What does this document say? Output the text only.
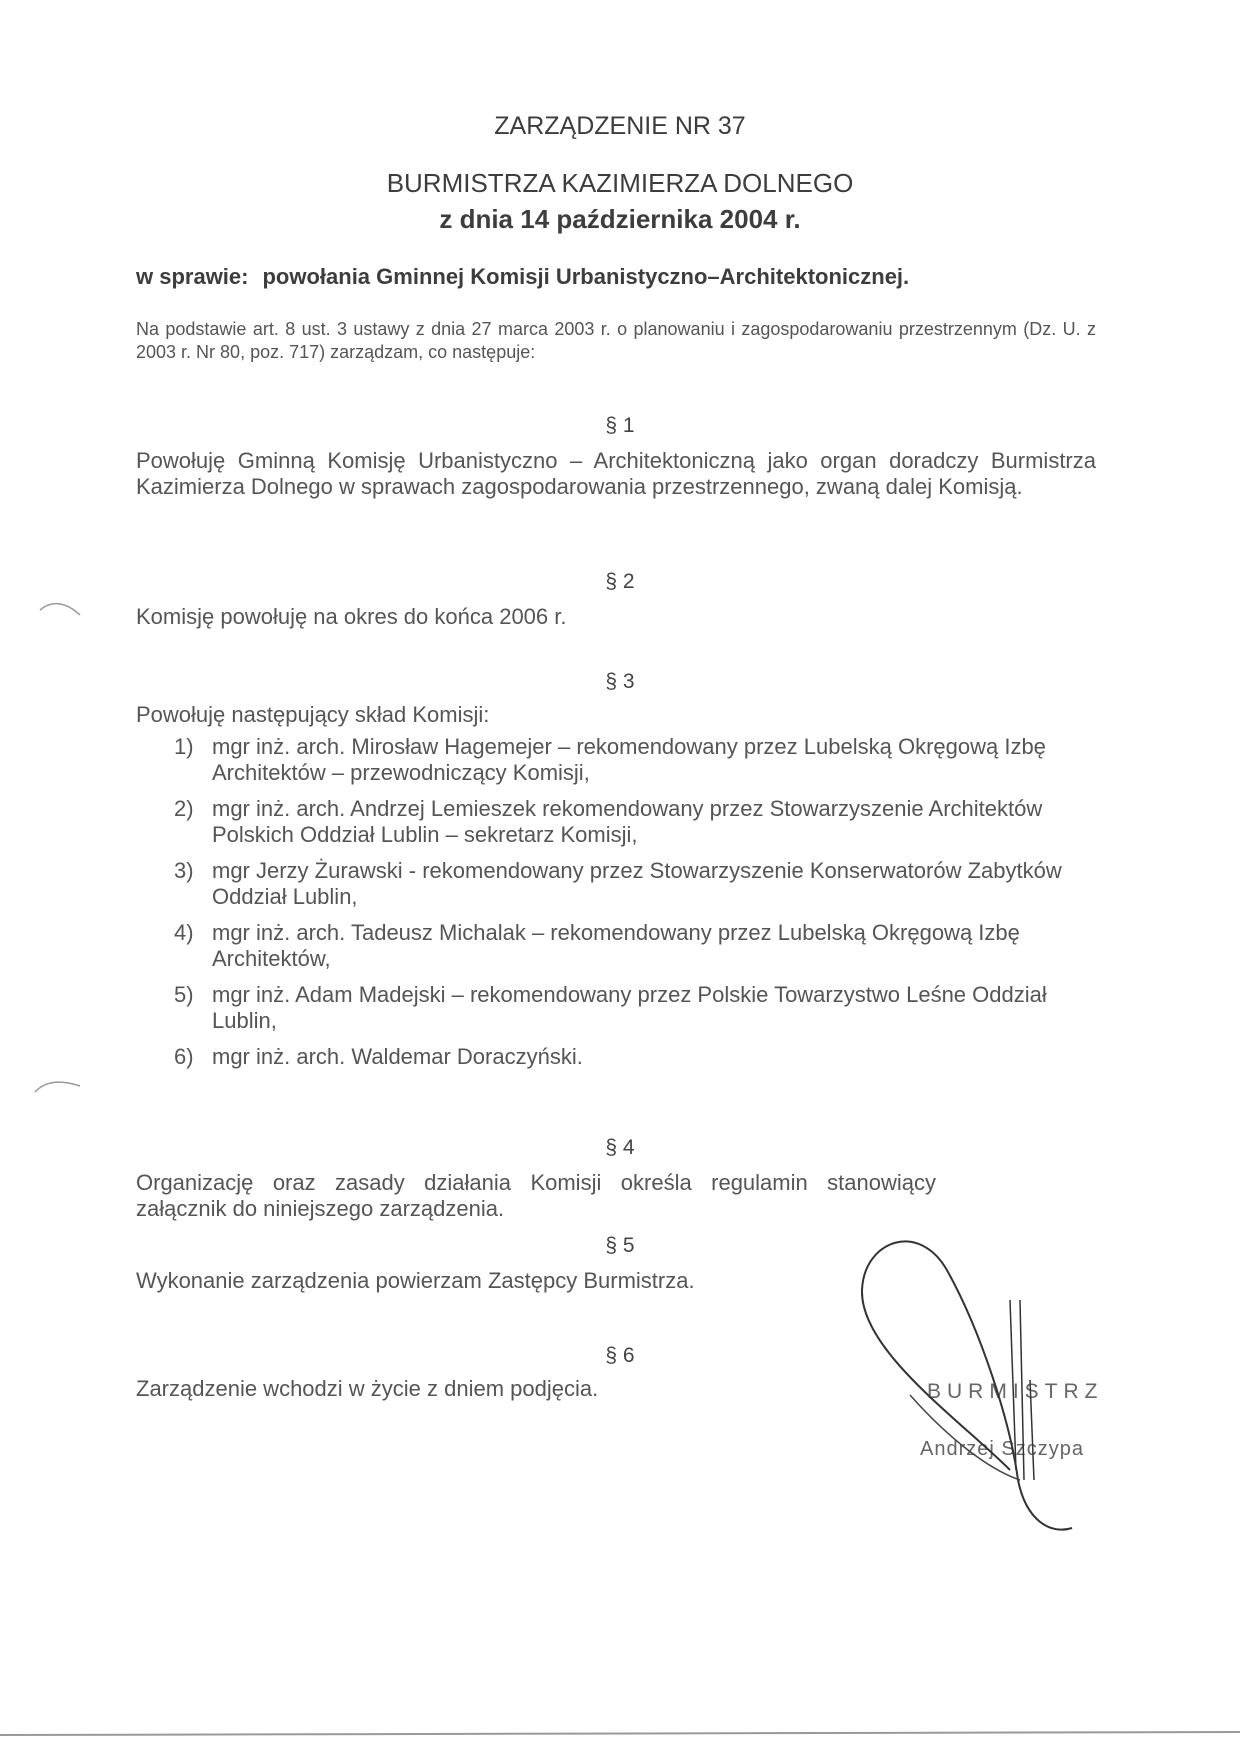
ZARZĄDZENIE NR 37
BURMISTRZA KAZIMIERZA DOLNEGO
z dnia 14 października 2004 r.
w sprawie: powołania Gminnej Komisji Urbanistyczno–Architektonicznej.
Na podstawie art. 8 ust. 3 ustawy z dnia 27 marca 2003 r. o planowaniu i zagospodarowaniu przestrzennym (Dz. U. z 2003 r. Nr 80, poz. 717) zarządzam, co następuje:
§ 1
Powołuję Gminną Komisję Urbanistyczno – Architektoniczną jako organ doradczy Burmistrza Kazimierza Dolnego w sprawach zagospodarowania przestrzennego, zwaną dalej Komisją.
§ 2
Komisję powołuję na okres do końca 2006 r.
§ 3
Powołuję następujący skład Komisji:
1) mgr inż. arch. Mirosław Hagemejer – rekomendowany przez Lubelską Okręgową Izbę Architektów – przewodniczący Komisji,
2) mgr inż. arch. Andrzej Lemieszek rekomendowany przez Stowarzyszenie Architektów Polskich Oddział Lublin – sekretarz Komisji,
3) mgr Jerzy Żurawski - rekomendowany przez Stowarzyszenie Konserwatorów Zabytków Oddział Lublin,
4) mgr inż. arch. Tadeusz Michalak – rekomendowany przez Lubelską Okręgową Izbę Architektów,
5) mgr inż. Adam Madejski – rekomendowany przez Polskie Towarzystwo Leśne Oddział Lublin,
6) mgr inż. arch. Waldemar Doraczyński.
§ 4
Organizację oraz zasady działania Komisji określa regulamin stanowiący załącznik do niniejszego zarządzenia.
§ 5
Wykonanie zarządzenia powierzam Zastępcy Burmistrza.
§ 6
Zarządzenie wchodzi w życie z dniem podjęcia.	BURMISTRZ
Andrzej Szczypa
